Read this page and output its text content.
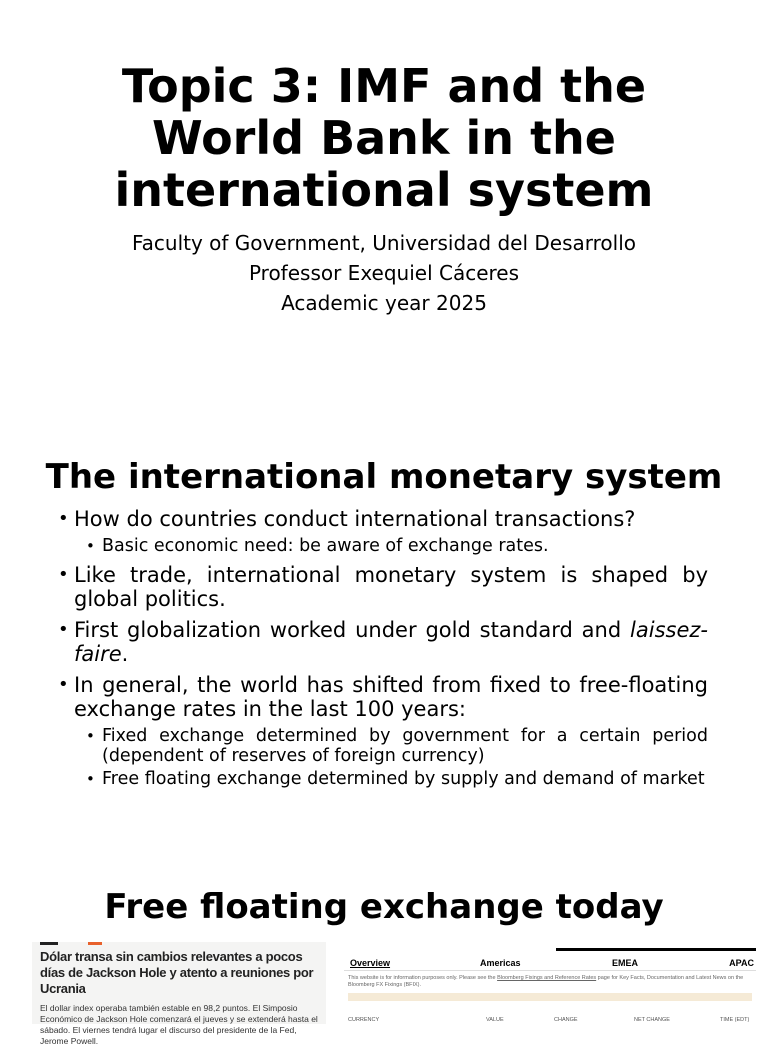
Topic 3: IMF and the World Bank in the international system
Faculty of Government, Universidad del Desarrollo
Professor Exequiel Cáceres
Academic year 2025
The international monetary system
• How do countries conduct international transactions?
• Basic economic need: be aware of exchange rates.
• Like trade, international monetary system is shaped by global politics.
• First globalization worked under gold standard and laissez-faire.
• In general, the world has shifted from fixed to free-floating exchange rates in the last 100 years:
• Fixed exchange determined by government for a certain period (dependent of reserves of foreign currency)
• Free floating exchange determined by supply and demand of market
Free floating exchange today
Dólar transa sin cambios relevantes a pocos días de Jackson Hole y atento a reuniones por Ucrania
El dollar index operaba también estable en 98,2 puntos. El Simposio Económico de Jackson Hole comenzará el jueves y se extenderá hasta el sábado. El viernes tendrá lugar el discurso del presidente de la Fed, Jerome Powell.
Overview	Americas	EMEA	APAC
This website is for information purposes only. Please see the Bloomberg Fixings and Reference Rates page for Key Facts, Documentation and Latest News on the Bloomberg FX Fixings (BFIX).
CURRENCY	VALUE	CHANGE	NET CHANGE	TIME (EDT)
